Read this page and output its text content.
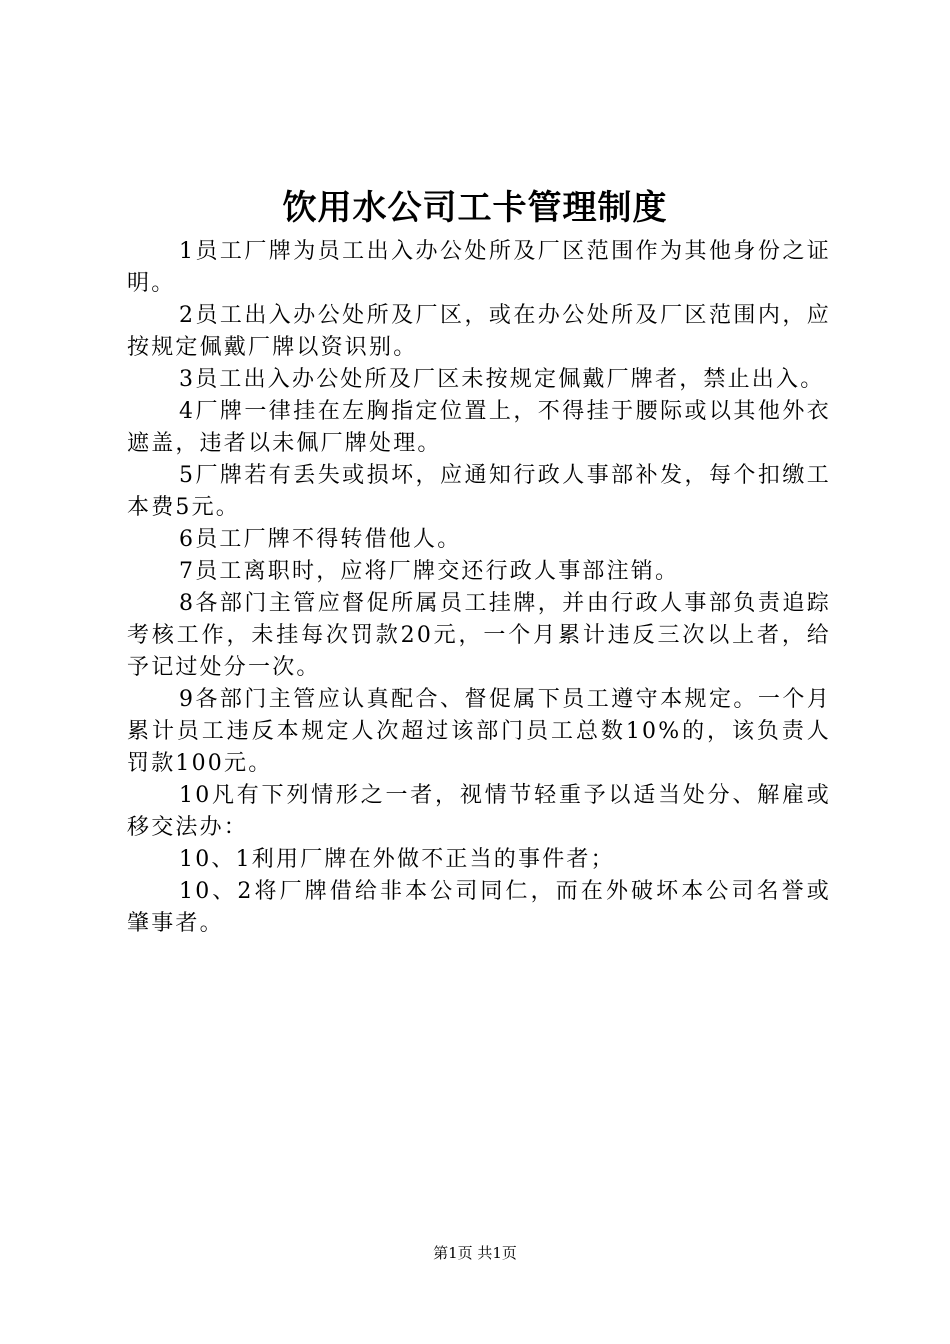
饮用水公司工卡管理制度

1员工厂牌为员工出入办公处所及厂区范围作为其他身份之证明。

2员工出入办公处所及厂区，或在办公处所及厂区范围内，应按规定佩戴厂牌以资识别。

3员工出入办公处所及厂区未按规定佩戴厂牌者，禁止出入。

4厂牌一律挂在左胸指定位置上，不得挂于腰际或以其他外衣遮盖，违者以未佩厂牌处理。

5厂牌若有丢失或损坏，应通知行政人事部补发，每个扣缴工本费5元。

6员工厂牌不得转借他人。

7员工离职时，应将厂牌交还行政人事部注销。

8各部门主管应督促所属员工挂牌，并由行政人事部负责追踪考核工作，未挂每次罚款20元，一个月累计违反三次以上者，给予记过处分一次。

9各部门主管应认真配合、督促属下员工遵守本规定。一个月累计员工违反本规定人次超过该部门员工总数10%的，该负责人罚款100元。

10凡有下列情形之一者，视情节轻重予以适当处分、解雇或移交法办：

10、1利用厂牌在外做不正当的事件者；

10、2将厂牌借给非本公司同仁，而在外破坏本公司名誉或肇事者。

第1页 共1页
